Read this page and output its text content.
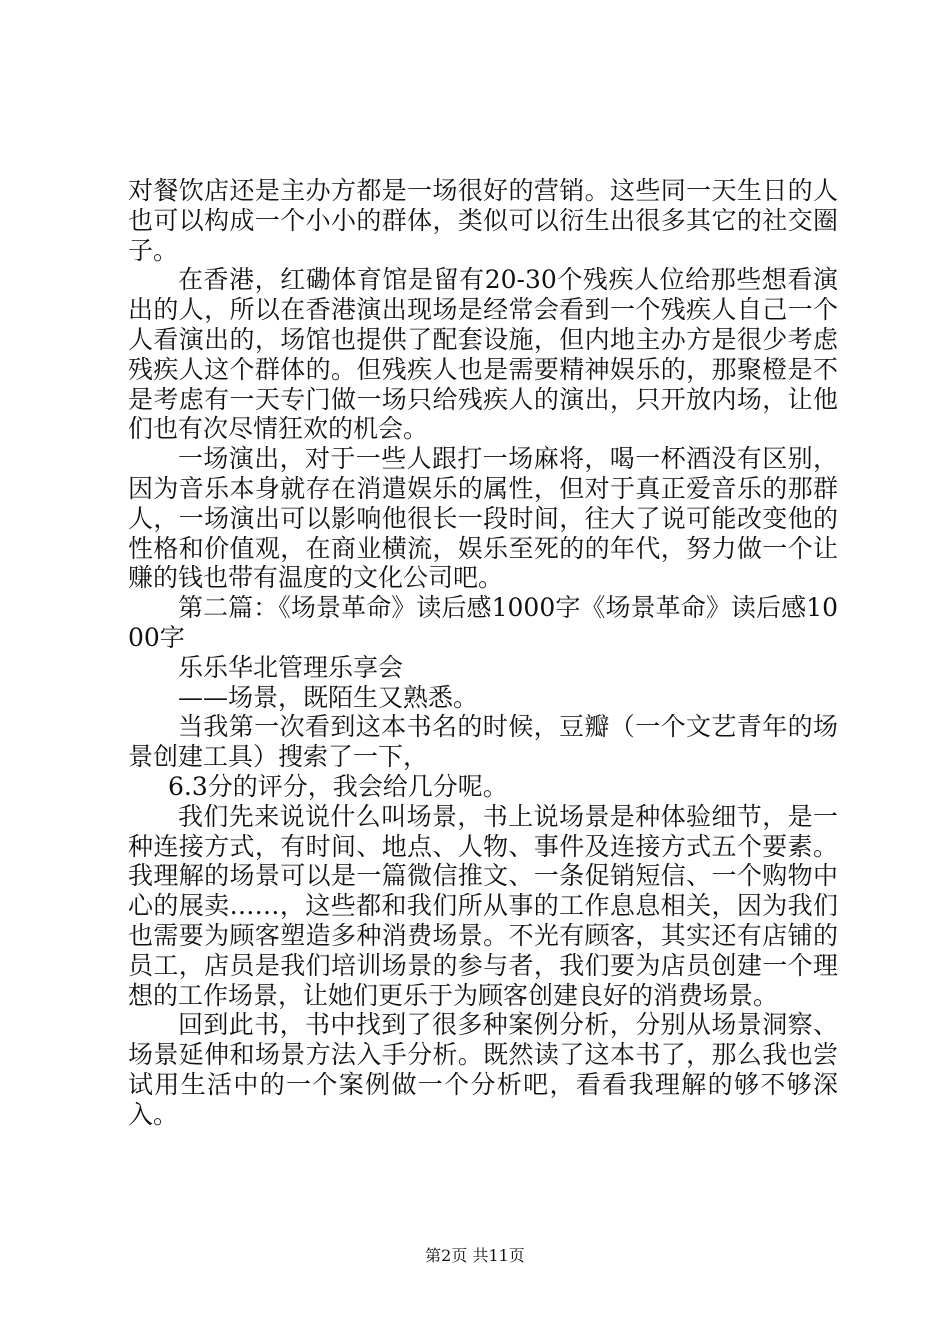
对餐饮店还是主办方都是一场很好的营销。这些同一天生日的人也可以构成一个小小的群体，类似可以衍生出很多其它的社交圈子。

在香港，红磡体育馆是留有20-30个残疾人位给那些想看演出的人，所以在香港演出现场是经常会看到一个残疾人自己一个人看演出的，场馆也提供了配套设施，但内地主办方是很少考虑残疾人这个群体的。但残疾人也是需要精神娱乐的，那聚橙是不是考虑有一天专门做一场只给残疾人的演出，只开放内场，让他们也有次尽情狂欢的机会。

一场演出，对于一些人跟打一场麻将，喝一杯酒没有区别，因为音乐本身就存在消遣娱乐的属性，但对于真正爱音乐的那群人，一场演出可以影响他很长一段时间，往大了说可能改变他的性格和价值观，在商业横流，娱乐至死的的年代，努力做一个让赚的钱也带有温度的文化公司吧。

第二篇：《场景革命》读后感1000字《场景革命》读后感1000字

乐乐华北管理乐享会

——场景，既陌生又熟悉。

当我第一次看到这本书名的时候，豆瓣（一个文艺青年的场景创建工具）搜索了一下，

6.3分的评分，我会给几分呢。

我们先来说说什么叫场景，书上说场景是种体验细节，是一种连接方式，有时间、地点、人物、事件及连接方式五个要素。我理解的场景可以是一篇微信推文、一条促销短信、一个购物中心的展卖……，这些都和我们所从事的工作息息相关，因为我们也需要为顾客塑造多种消费场景。不光有顾客，其实还有店铺的员工，店员是我们培训场景的参与者，我们要为店员创建一个理想的工作场景，让她们更乐于为顾客创建良好的消费场景。

回到此书，书中找到了很多种案例分析，分别从场景洞察、场景延伸和场景方法入手分析。既然读了这本书了，那么我也尝试用生活中的一个案例做一个分析吧，看看我理解的够不够深入。

第2页 共11页
